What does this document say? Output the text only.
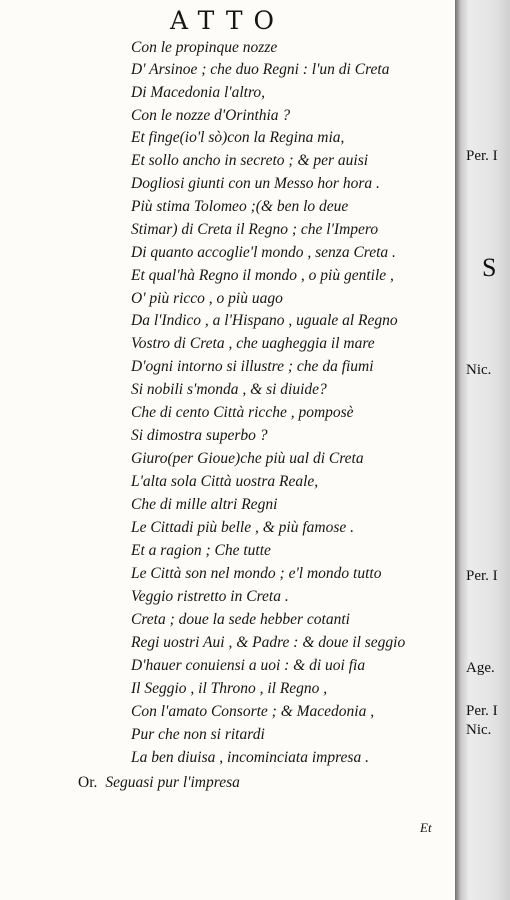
ATTO

Con le propinque nozze

D' Arsinoe ; che duo Regni : l'un di Creta

Di Macedonia l'altro,

Con le nozze d'Orinthia ?

Et finge(io'l sò)con la Regina mia,

Et sollo ancho in secreto ; & per auisi

Dogliosi giunti con un Messo hor hora .

Più stima Tolomeo ;(& ben lo deue

Stimar) di Creta il Regno ; che l'Impero

Di quanto accoglie'l mondo , senza Creta .

Et qual'hà Regno il mondo , o più gentile ,

O' più ricco , o più uago

Da l'Indico , a l'Hispano , uguale al Regno

Vostro di Creta , che uagheggia il mare

D'ogni intorno si illustre ; che da fiumi

Si nobili s'monda , & si diuide?

Che di cento Città ricche , pomposè

Si dimostra superbo ?

Giuro(per Gioue)che più ual di Creta

L'alta sola Città uostra Reale,

Che di mille altri Regni

Le Cittadi più belle , & più famose .

Et a ragion ; Che tutte

Le Città son nel mondo ; e'l mondo tutto

Veggio ristretto in Creta .

Creta ; doue la sede hebber cotanti

Regi uostri Aui , & Padre : & doue il seggio

D'hauer conuiensi a uoi : & di uoi fia

Il Seggio , il Throno , il Regno ,

Con l'amato Consorte ; & Macedonia ,

Pur che non si ritardi

La ben diuisa , incominciata impresa .

Or. Seguasi pur l'impresa

Et
Per. I
S
Nic.
Per. I
Age.
Per. I
Nic.
